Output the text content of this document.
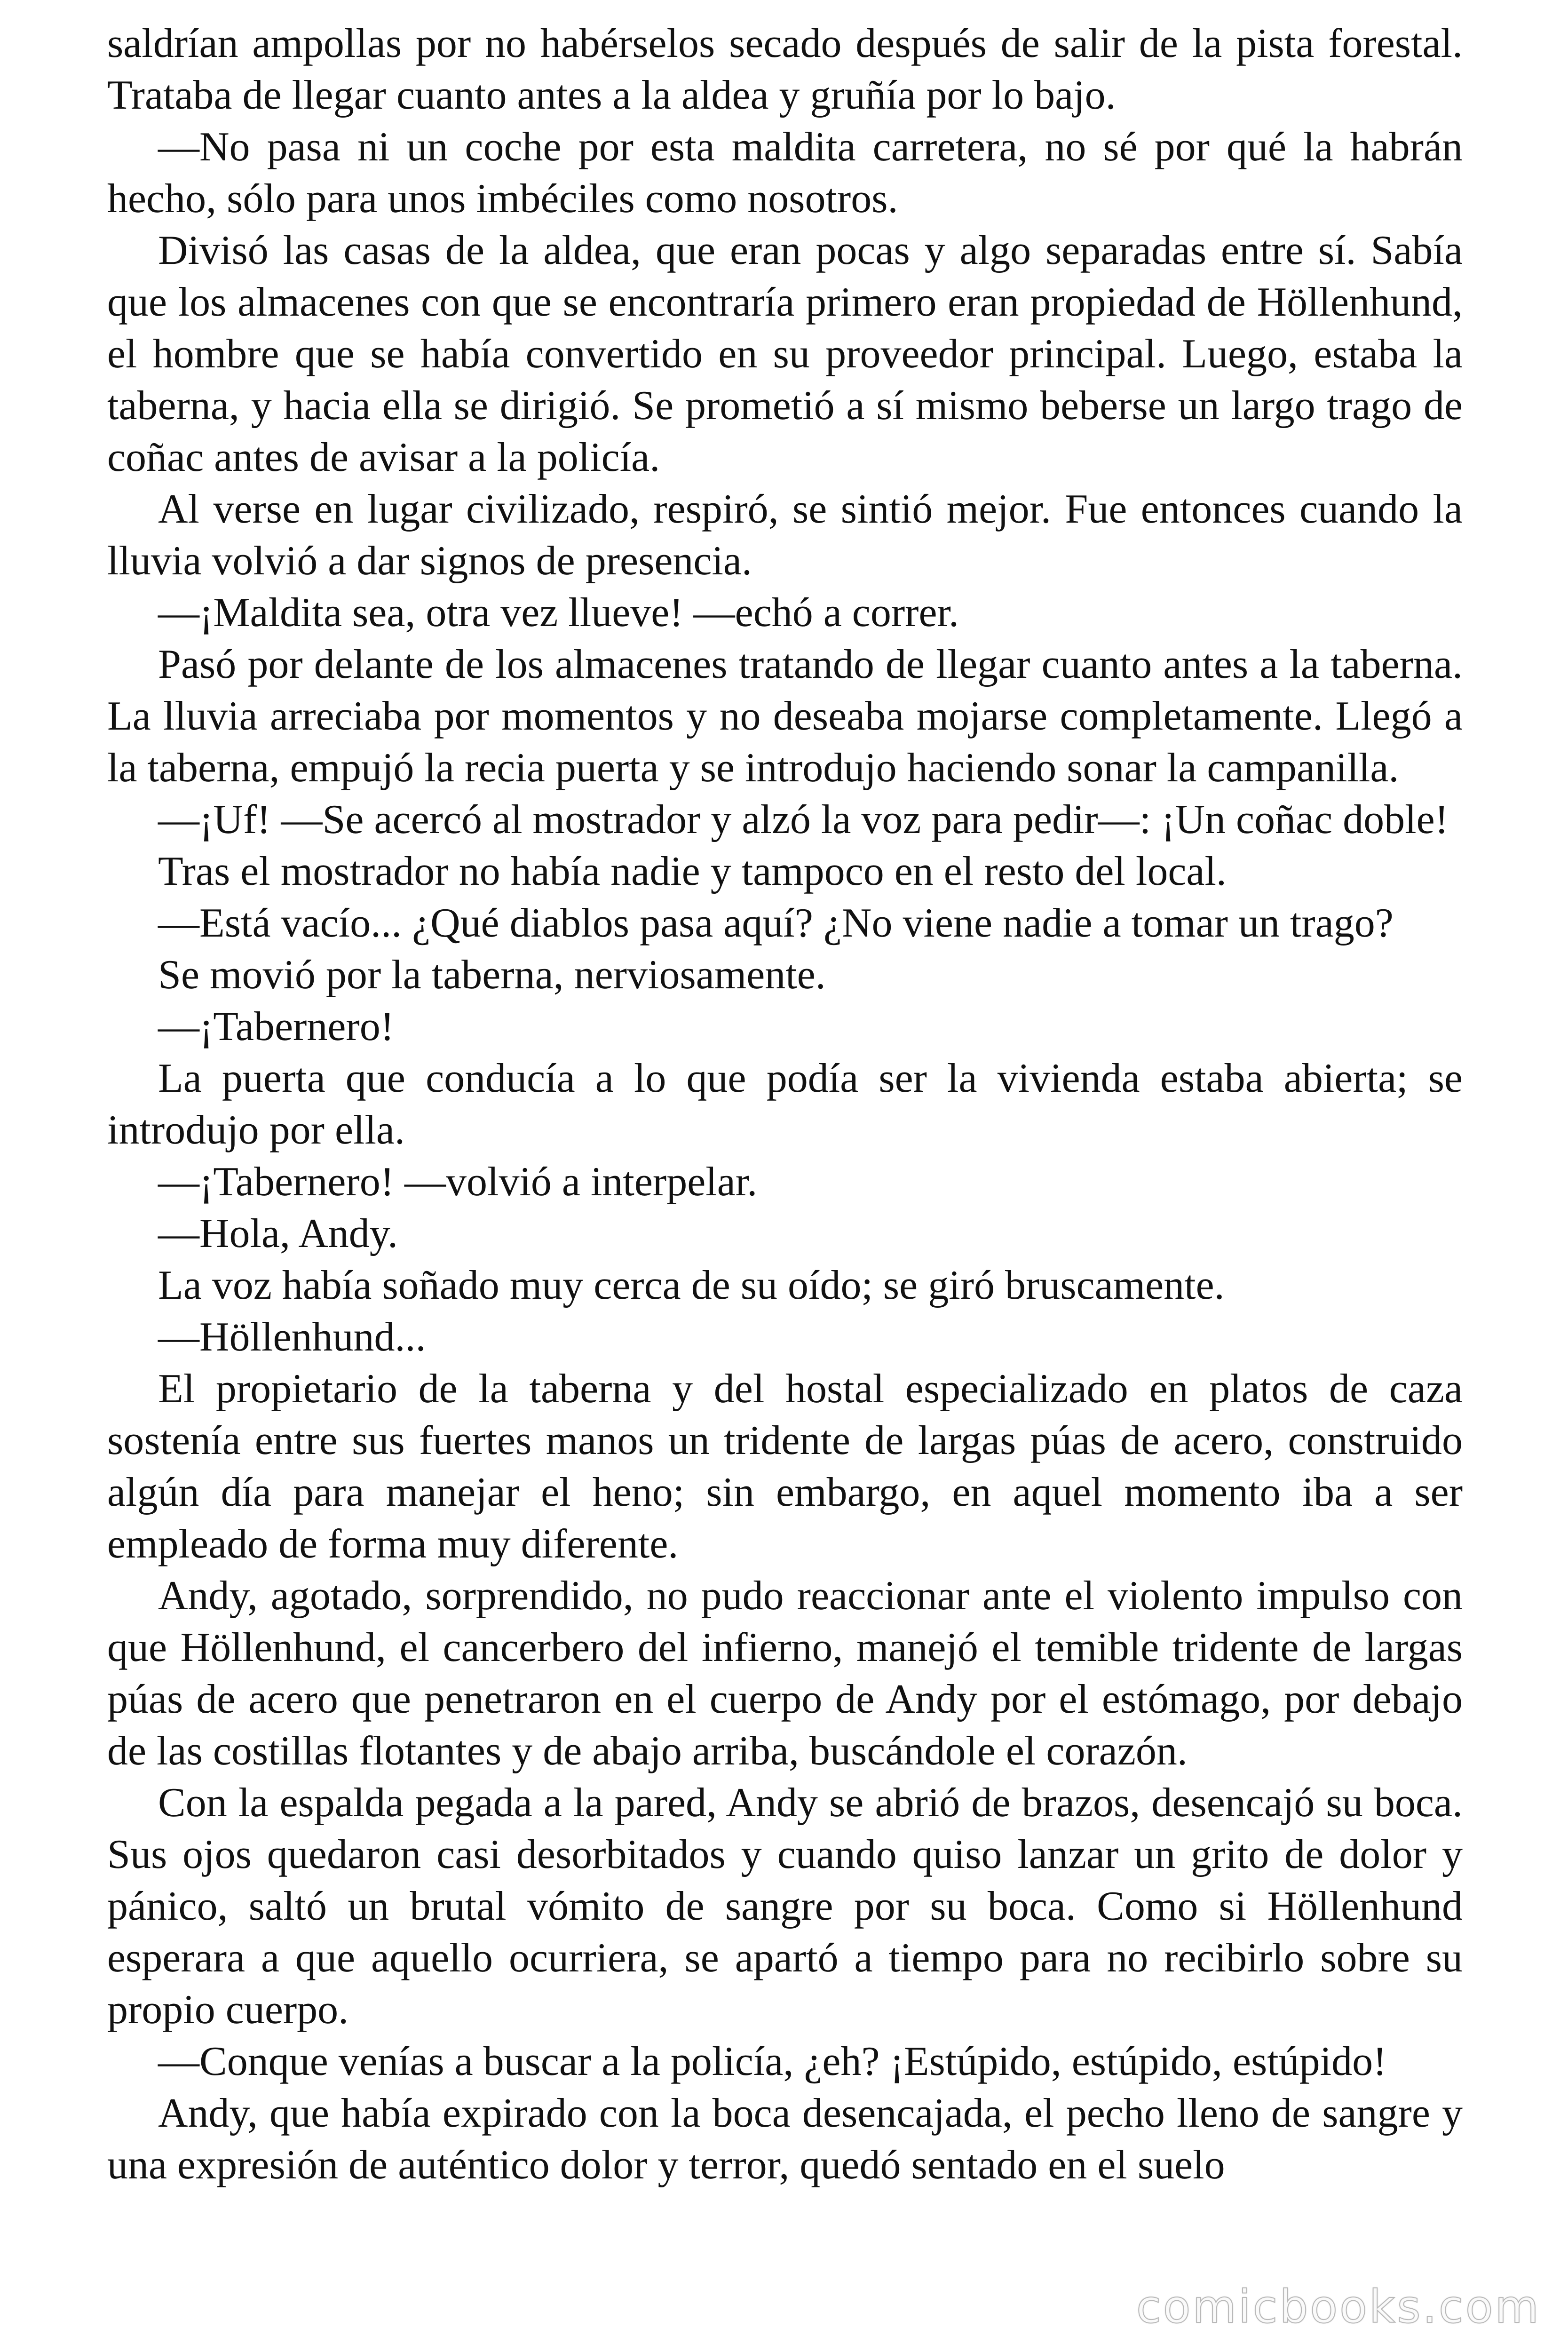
saldrían ampollas por no habérselos secado después de salir de la pista forestal. Trataba de llegar cuanto antes a la aldea y gruñía por lo bajo.

—No pasa ni un coche por esta maldita carretera, no sé por qué la habrán hecho, sólo para unos imbéciles como nosotros.

Divisó las casas de la aldea, que eran pocas y algo separadas entre sí. Sabía que los almacenes con que se encontraría primero eran propiedad de Höllenhund, el hombre que se había convertido en su proveedor principal. Luego, estaba la taberna, y hacia ella se dirigió. Se prometió a sí mismo beberse un largo trago de coñac antes de avisar a la policía.

Al verse en lugar civilizado, respiró, se sintió mejor. Fue entonces cuando la lluvia volvió a dar signos de presencia.

—¡Maldita sea, otra vez llueve! —echó a correr.

Pasó por delante de los almacenes tratando de llegar cuanto antes a la taberna. La lluvia arreciaba por momentos y no deseaba mojarse completamente. Llegó a la taberna, empujó la recia puerta y se introdujo haciendo sonar la campanilla.

—¡Uf! —Se acercó al mostrador y alzó la voz para pedir—: ¡Un coñac doble!

Tras el mostrador no había nadie y tampoco en el resto del local.

—Está vacío... ¿Qué diablos pasa aquí? ¿No viene nadie a tomar un trago?

Se movió por la taberna, nerviosamente.

—¡Tabernero!

La puerta que conducía a lo que podía ser la vivienda estaba abierta; se introdujo por ella.

—¡Tabernero! —volvió a interpelar.

—Hola, Andy.

La voz había soñado muy cerca de su oído; se giró bruscamente.

—Höllenhund...

El propietario de la taberna y del hostal especializado en platos de caza sostenía entre sus fuertes manos un tridente de largas púas de acero, construido algún día para manejar el heno; sin embargo, en aquel momento iba a ser empleado de forma muy diferente.

Andy, agotado, sorprendido, no pudo reaccionar ante el violento impulso con que Höllenhund, el cancerbero del infierno, manejó el temible tridente de largas púas de acero que penetraron en el cuerpo de Andy por el estómago, por debajo de las costillas flotantes y de abajo arriba, buscándole el corazón.

Con la espalda pegada a la pared, Andy se abrió de brazos, desencajó su boca. Sus ojos quedaron casi desorbitados y cuando quiso lanzar un grito de dolor y pánico, saltó un brutal vómito de sangre por su boca. Como si Höllenhund esperara a que aquello ocurriera, se apartó a tiempo para no recibirlo sobre su propio cuerpo.

—Conque venías a buscar a la policía, ¿eh? ¡Estúpido, estúpido, estúpido!

Andy, que había expirado con la boca desencajada, el pecho lleno de sangre y una expresión de auténtico dolor y terror, quedó sentado en el suelo

comicbooks.com
